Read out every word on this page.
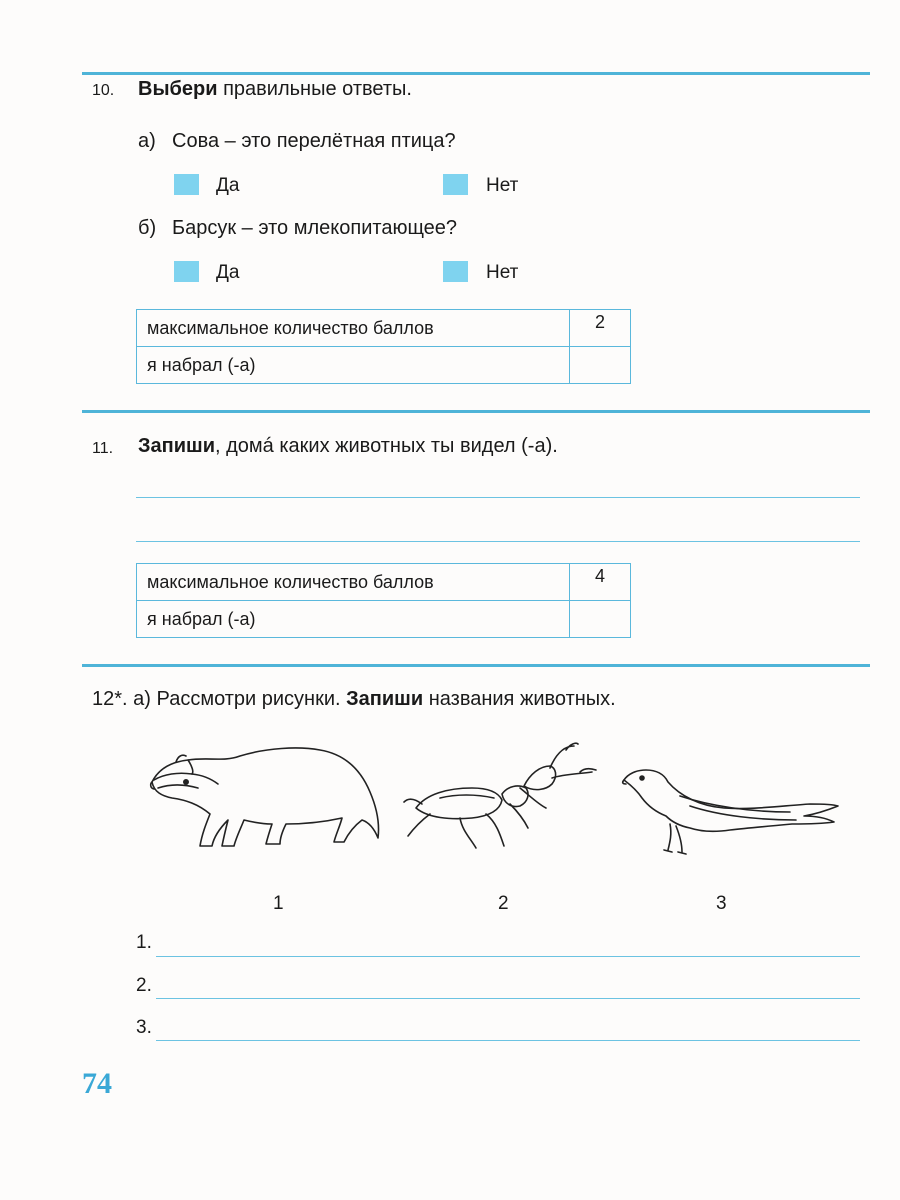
10. Выбери правильные ответы.
а) Сова – это перелётная птица?
Да	Нет
б) Барсук – это млекопитающее?
Да	Нет
максимальное количество баллов	2
я набрал (-а)	
11. Запиши, домá каких животных ты видел (-а).
максимальное количество баллов	4
я набрал (-а)	
12*. а) Рассмотри рисунки. Запиши названия животных.
1	2	3
1.
2.
3.
74
